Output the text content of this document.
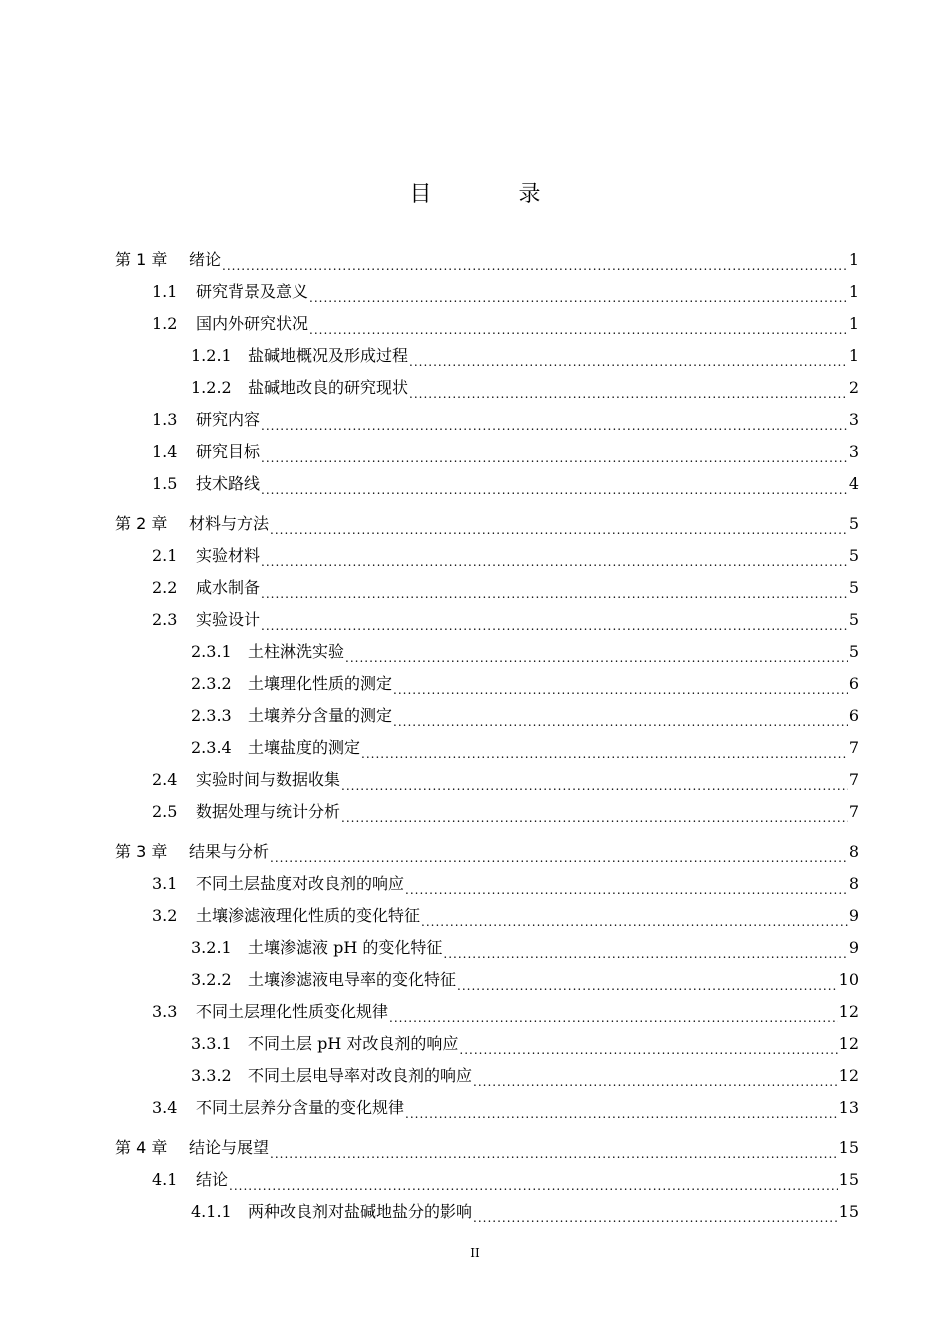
目 录
第 1 章	绪论 .....	1
1.1	研究背景及意义 .....	1
1.2	国内外研究状况 .....	1
1.2.1	盐碱地概况及形成过程 .....	1
1.2.2	盐碱地改良的研究现状 .....	2
1.3	研究内容 .....	3
1.4	研究目标 .....	3
1.5	技术路线 .....	4
第 2 章	材料与方法 .....	5
2.1	实验材料 .....	5
2.2	咸水制备 .....	5
2.3	实验设计 .....	5
2.3.1	土柱淋洗实验 .....	5
2.3.2	土壤理化性质的测定 .....	6
2.3.3	土壤养分含量的测定 .....	6
2.3.4	土壤盐度的测定 .....	7
2.4	实验时间与数据收集 .....	7
2.5	数据处理与统计分析 .....	7
第 3 章	结果与分析 .....	8
3.1	不同土层盐度对改良剂的响应 .....	8
3.2	土壤渗滤液理化性质的变化特征 .....	9
3.2.1	土壤渗滤液 pH 的变化特征 .....	9
3.2.2	土壤渗滤液电导率的变化特征 .....	10
3.3	不同土层理化性质变化规律 .....	12
3.3.1	不同土层 pH 对改良剂的响应 .....	12
3.3.2	不同土层电导率对改良剂的响应 .....	12
3.4	不同土层养分含量的变化规律 .....	13
第 4 章	结论与展望 .....	15
4.1	结论 .....	15
4.1.1	两种改良剂对盐碱地盐分的影响 .....	15
II
